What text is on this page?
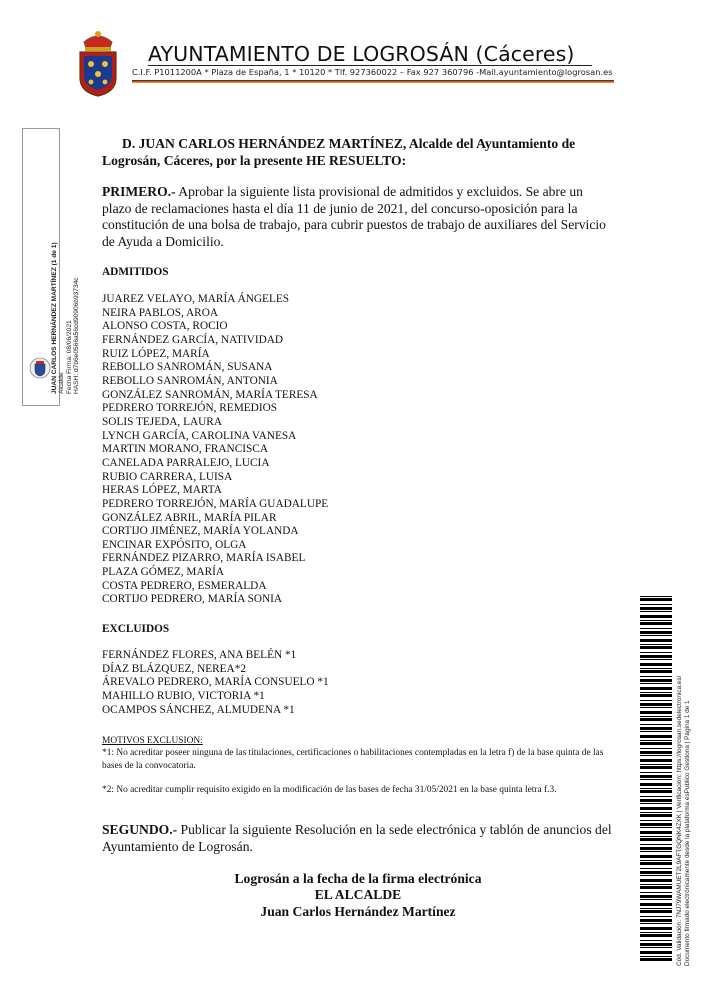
AYUNTAMIENTO DE LOGROSÁN (Cáceres)
C.I.F. P1011200A * Plaza de España, 1 * 10120 * Tlf. 927360022 – Fax 927 360796 -Mail.ayuntamiento@logrosan.es
JUAN CARLOS HERNÁNDEZ MARTÍNEZ (1 de 1) Alcalde Fecha Firma: 08/06/2021 HASH: d7b6e0566a56cd90906b93734c
Cód. Validación: 7NJ79WAMUET2L9AFTGQNK4ZXK | Verificación: https://logrosan.sedelectronica.es/ Documento firmado electrónicamente desde la plataforma esPublico Gestiona | Página 1 de 1
D. JUAN CARLOS HERNÁNDEZ MARTÍNEZ, Alcalde del Ayuntamiento de Logrosán, Cáceres, por la presente HE RESUELTO:
PRIMERO.- Aprobar la siguiente lista provisional de admitidos y excluidos. Se abre un plazo de reclamaciones hasta el día 11 de junio de 2021, del concurso-oposición para la constitución de una bolsa de trabajo, para cubrir puestos de trabajo de auxiliares del Servicio de Ayuda a Domicilio.
ADMITIDOS
JUAREZ VELAYO, MARÍA ÁNGELES
NEIRA PABLOS, AROA
ALONSO COSTA, ROCIO
FERNÁNDEZ GARCÍA, NATIVIDAD
RUIZ LÓPEZ, MARÍA
REBOLLO SANROMÁN, SUSANA
REBOLLO SANROMÁN, ANTONIA
GONZÁLEZ SANROMÁN, MARÍA TERESA
PEDRERO TORREJÓN, REMEDIOS
SOLIS TEJEDA, LAURA
LYNCH GARCÍA, CAROLINA VANESA
MARTIN MORANO, FRANCISCA
CANELADA PARRALEJO, LUCIA
RUBIO CARRERA, LUISA
HERAS LÓPEZ, MARTA
PEDRERO TORREJÓN, MARÍA GUADALUPE
GONZÁLEZ ABRIL, MARÍA PILAR
CORTIJO JIMÉNEZ, MARÍA YOLANDA
ENCINAR EXPÓSITO, OLGA
FERNÁNDEZ PIZARRO, MARÍA ISABEL
PLAZA GÓMEZ, MARÍA
COSTA PEDRERO, ESMERALDA
CORTIJO PEDRERO, MARÍA SONIA
EXCLUIDOS
FERNÁNDEZ FLORES, ANA BELÉN *1
DÍAZ BLÁZQUEZ, NEREA*2
ÁREVALO PEDRERO, MARÍA CONSUELO *1
MAHILLO RUBIO, VICTORIA *1
OCAMPOS SÁNCHEZ, ALMUDENA *1
MOTIVOS EXCLUSION:
*1: No acreditar poseer ninguna de las titulaciones, certificaciones o habilitaciones contempladas en la letra f) de la base quinta de las bases de la convocatoria.
*2: No acreditar cumplir requisito exigido en la modificación de las bases de fecha 31/05/2021 en la base quinta letra f.3.
SEGUNDO.- Publicar la siguiente Resolución en la sede electrónica y tablón de anuncios del Ayuntamiento de Logrosán.
Logrosán a la fecha de la firma electrónica
EL ALCALDE
Juan Carlos Hernández Martínez
